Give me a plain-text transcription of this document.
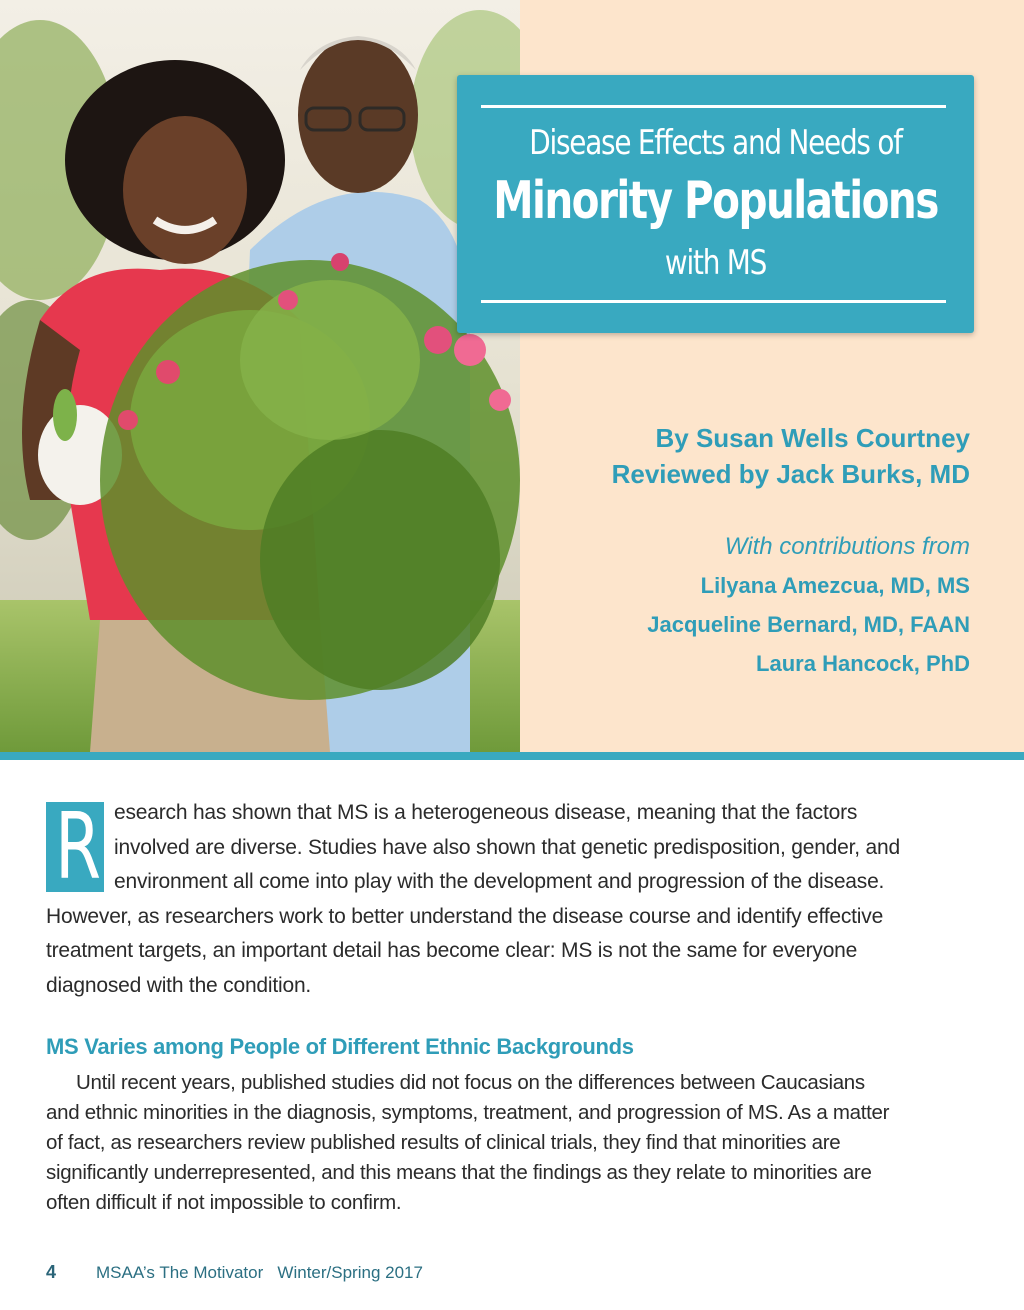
Disease Effects and Needs of
Minority Populations
with MS
By Susan Wells Courtney
Reviewed by Jack Burks, MD
With contributions from
Lilyana Amezcua, MD, MS
Jacqueline Bernard, MD, FAAN
Laura Hancock, PhD
R esearch has shown that MS is a heterogeneous disease, meaning that the factors
involved are diverse. Studies have also shown that genetic predisposition, gender, and
environment all come into play with the development and progression of the disease.
However, as researchers work to better understand the disease course and identify effective
treatment targets, an important detail has become clear: MS is not the same for everyone
diagnosed with the condition.
MS Varies among People of Different Ethnic Backgrounds
Until recent years, published studies did not focus on the differences between Caucasians
and ethnic minorities in the diagnosis, symptoms, treatment, and progression of MS. As a matter
of fact, as researchers review published results of clinical trials, they find that minorities are
significantly underrepresented, and this means that the findings as they relate to minorities are
often difficult if not impossible to confirm.
4 MSAA’s The Motivator   Winter/Spring 2017
